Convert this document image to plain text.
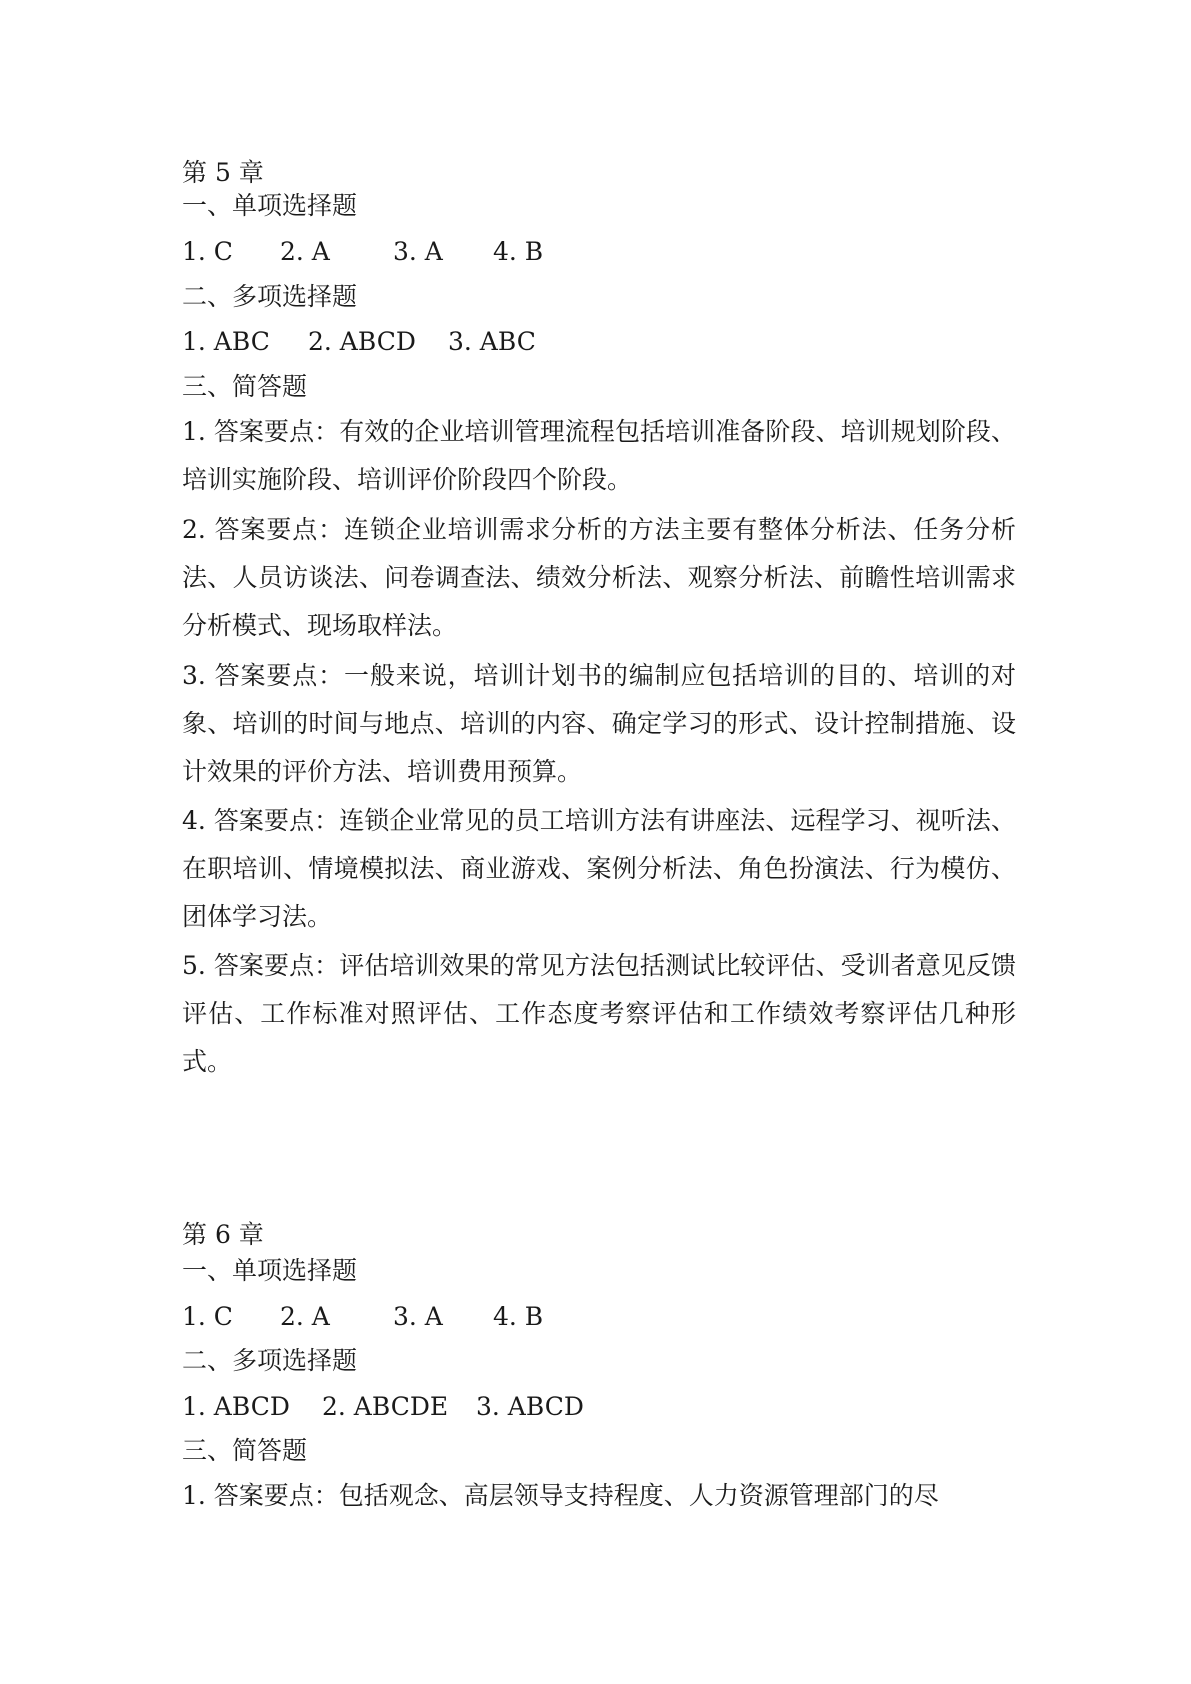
第 5 章
一、单项选择题
1. C 2. A	3. A 4. B
二、多项选择题
1. ABC 2. ABCD 3. ABC
三、简答题
1. 答案要点：有效的企业培训管理流程包括培训准备阶段、培训规划阶段、培训实施阶段、培训评价阶段四个阶段。
2. 答案要点：连锁企业培训需求分析的方法主要有整体分析法、任务分析法、人员访谈法、问卷调查法、绩效分析法、观察分析法、前瞻性培训需求分析模式、现场取样法。
3. 答案要点：一般来说，培训计划书的编制应包括培训的目的、培训的对象、培训的时间与地点、培训的内容、确定学习的形式、设计控制措施、设计效果的评价方法、培训费用预算。
4. 答案要点：连锁企业常见的员工培训方法有讲座法、远程学习、视听法、在职培训、情境模拟法、商业游戏、案例分析法、角色扮演法、行为模仿、团体学习法。
5. 答案要点：评估培训效果的常见方法包括测试比较评估、受训者意见反馈评估、工作标准对照评估、工作态度考察评估和工作绩效考察评估几种形式。
第 6 章
一、单项选择题
1. C 2. A	3. A 4. B
二、多项选择题
1. ABCD 2. ABCDE 3. ABCD
三、简答题
1. 答案要点：包括观念、高层领导支持程度、人力资源管理部门的尽
